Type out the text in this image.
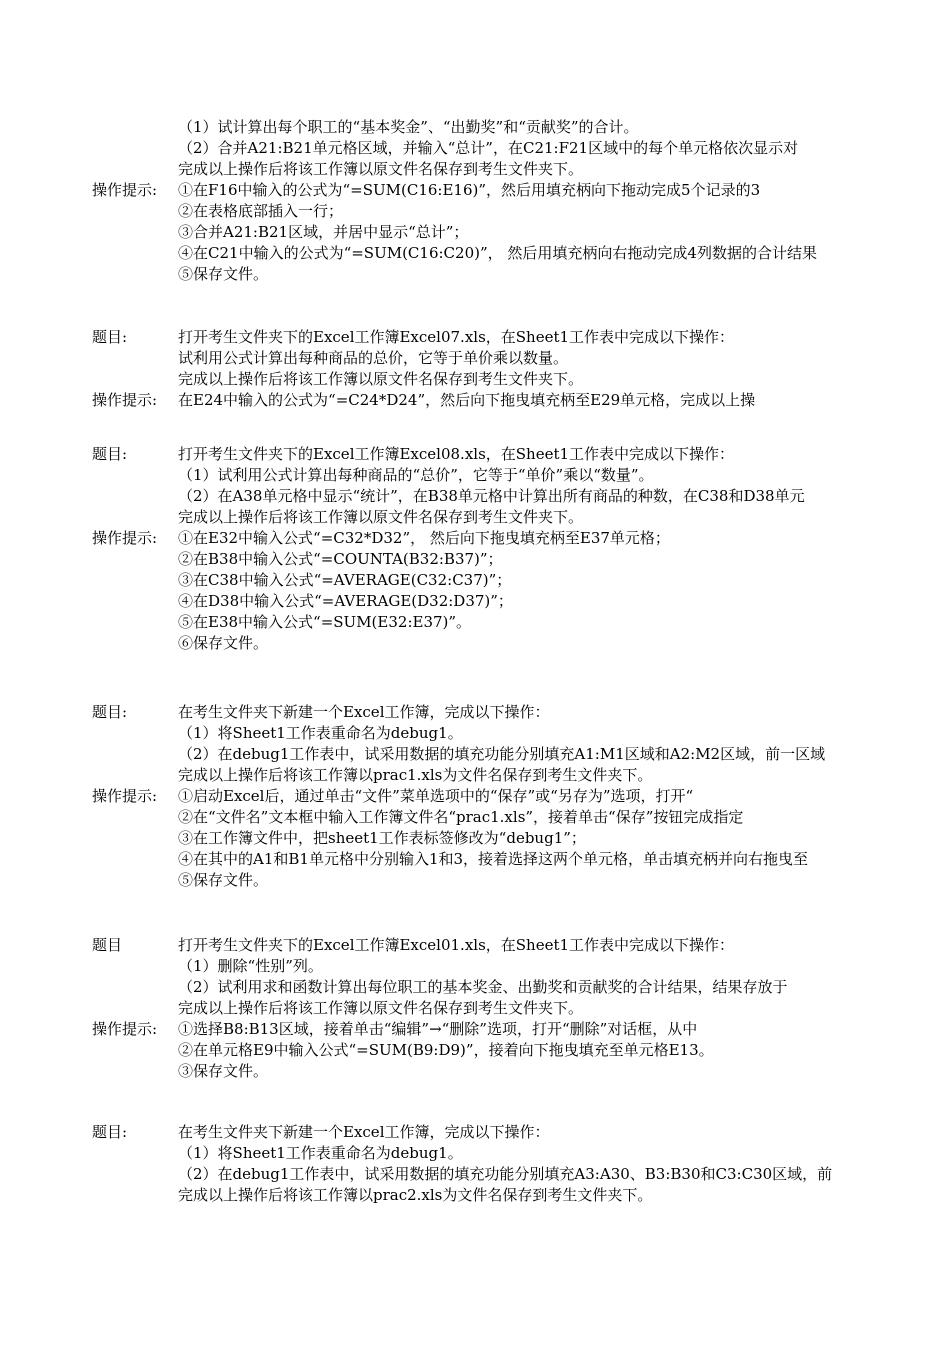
（1）试计算出每个职工的“基本奖金”、“出勤奖”和“贡献奖”的合计。
（2）合并A21:B21单元格区域，并输入“总计”，在C21:F21区域中的每个单元格依次显示对
完成以上操作后将该工作簿以原文件名保存到考生文件夹下。
操作提示: ①在F16中输入的公式为“=SUM(C16:E16)”，然后用填充柄向下拖动完成5个记录的3
②在表格底部插入一行；
③合并A21:B21区域，并居中显示“总计”；
④在C21中输入的公式为“=SUM(C16:C20)”， 然后用填充柄向右拖动完成4列数据的合计结果
⑤保存文件。
题目:	打开考生文件夹下的Excel工作簿Excel07.xls，在Sheet1工作表中完成以下操作：
试利用公式计算出每种商品的总价，它等于单价乘以数量。
完成以上操作后将该工作簿以原文件名保存到考生文件夹下。
操作提示: 在E24中输入的公式为“=C24*D24”，然后向下拖曳填充柄至E29单元格，完成以上操
题目:	打开考生文件夹下的Excel工作簿Excel08.xls，在Sheet1工作表中完成以下操作：
（1）试利用公式计算出每种商品的“总价”，它等于“单价”乘以“数量”。
（2）在A38单元格中显示“统计”，在B38单元格中计算出所有商品的种数，在C38和D38单元
完成以上操作后将该工作簿以原文件名保存到考生文件夹下。
操作提示: ①在E32中输入公式“=C32*D32”， 然后向下拖曳填充柄至E37单元格；
②在B38中输入公式“=COUNTA(B32:B37)”；
③在C38中输入公式“=AVERAGE(C32:C37)”；
④在D38中输入公式“=AVERAGE(D32:D37)”；
⑤在E38中输入公式“=SUM(E32:E37)”。
⑥保存文件。
题目:	在考生文件夹下新建一个Excel工作簿，完成以下操作：
（1）将Sheet1工作表重命名为debug1。
（2）在debug1工作表中，试采用数据的填充功能分别填充A1:M1区域和A2:M2区域，前一区域
完成以上操作后将该工作簿以prac1.xls为文件名保存到考生文件夹下。
操作提示: ①启动Excel后，通过单击“文件”菜单选项中的“保存”或“另存为”选项，打开“
②在“文件名”文本框中输入工作簿文件名“prac1.xls”，接着单击“保存”按钮完成指定
③在工作簿文件中，把sheet1工作表标签修改为“debug1”；
④在其中的A1和B1单元格中分别输入1和3，接着选择这两个单元格，单击填充柄并向右拖曳至
⑤保存文件。
题目	打开考生文件夹下的Excel工作簿Excel01.xls，在Sheet1工作表中完成以下操作：
（1）删除“性别”列。
（2）试利用求和函数计算出每位职工的基本奖金、出勤奖和贡献奖的合计结果，结果存放于
完成以上操作后将该工作簿以原文件名保存到考生文件夹下。
操作提示: ①选择B8:B13区域，接着单击“编辑”→“删除”选项，打开“删除”对话框，从中
②在单元格E9中输入公式“=SUM(B9:D9)”，接着向下拖曳填充至单元格E13。
③保存文件。
题目:	在考生文件夹下新建一个Excel工作簿，完成以下操作：
（1）将Sheet1工作表重命名为debug1。
（2）在debug1工作表中，试采用数据的填充功能分别填充A3:A30、B3:B30和C3:C30区域，前
完成以上操作后将该工作簿以prac2.xls为文件名保存到考生文件夹下。
